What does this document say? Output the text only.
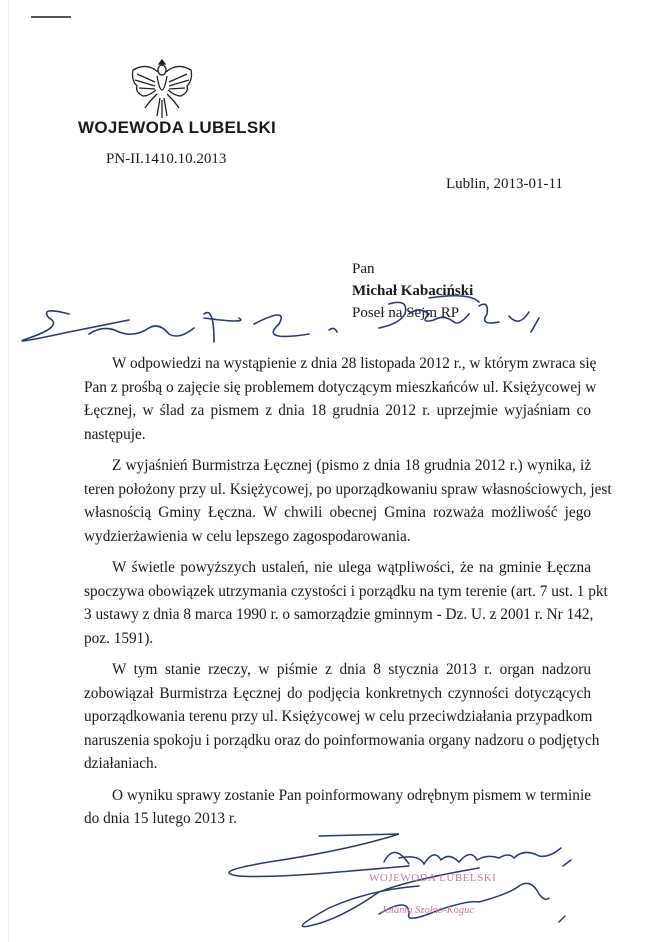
WOJEWODA LUBELSKI
PN-II.1410.10.2013
Lublin, 2013-01-11
Pan
Michał Kabaciński
Poseł na Sejm RP
W odpowiedzi na wystąpienie z dnia 28 listopada 2012 r., w którym zwraca się
Pan z prośbą o zajęcie się problemem dotyczącym mieszkańców ul. Księżycowej w
Łęcznej, w ślad za pismem z dnia 18 grudnia 2012 r. uprzejmie wyjaśniam co
następuje.
Z wyjaśnień Burmistrza Łęcznej (pismo z dnia 18 grudnia 2012 r.) wynika, iż
teren położony przy ul. Księżycowej, po uporządkowaniu spraw własnościowych, jest
własnością Gminy Łęczna. W chwili obecnej Gmina rozważa możliwość jego
wydzierżawienia w celu lepszego zagospodarowania.
W świetle powyższych ustaleń, nie ulega wątpliwości, że na gminie Łęczna
spoczywa obowiązek utrzymania czystości i porządku na tym terenie (art. 7 ust. 1 pkt
3 ustawy z dnia 8 marca 1990 r. o samorządzie gminnym - Dz. U. z 2001 r. Nr 142,
poz. 1591).
W tym stanie rzeczy, w piśmie z dnia 8 stycznia 2013 r. organ nadzoru
zobowiązał Burmistrza Łęcznej do podjęcia konkretnych czynności dotyczących
uporządkowania terenu przy ul. Księżycowej w celu przeciwdziałania przypadkom
naruszenia spokoju i porządku oraz do poinformowania organy nadzoru o podjętych
działaniach.
O wyniku sprawy zostanie Pan poinformowany odrębnym pismem w terminie
do dnia 15 lutego 2013 r.
WOJEWODA LUBELSKI
Jolanta Szołno-Koguc
